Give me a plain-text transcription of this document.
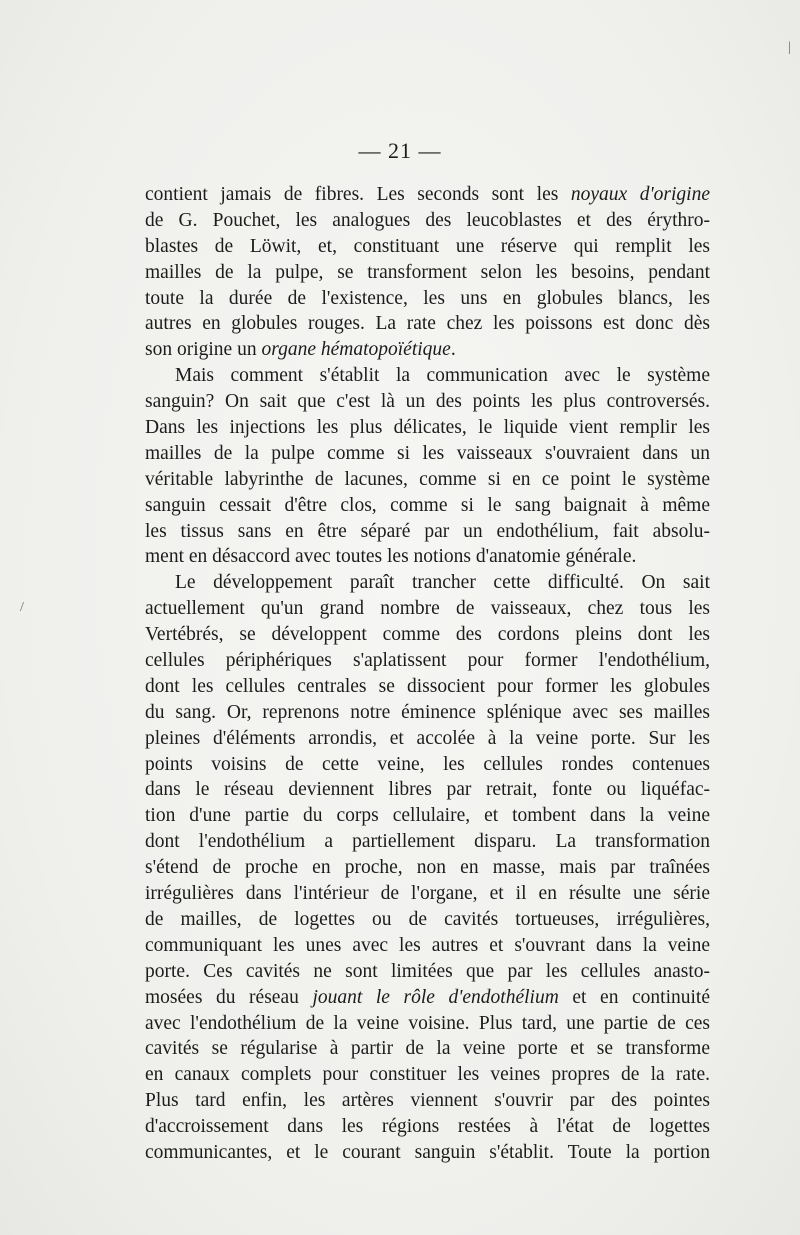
— 21 —
contient jamais de fibres. Les seconds sont les noyaux d'origine
de G. Pouchet, les analogues des leucoblastes et des érythro-
blastes de Löwit, et, constituant une réserve qui remplit les
mailles de la pulpe, se transforment selon les besoins, pendant
toute la durée de l'existence, les uns en globules blancs, les
autres en globules rouges. La rate chez les poissons est donc dès
son origine un organe hématopoïétique.
Mais comment s'établit la communication avec le système
sanguin? On sait que c'est là un des points les plus controversés.
Dans les injections les plus délicates, le liquide vient remplir les
mailles de la pulpe comme si les vaisseaux s'ouvraient dans un
véritable labyrinthe de lacunes, comme si en ce point le système
sanguin cessait d'être clos, comme si le sang baignait à même
les tissus sans en être séparé par un endothélium, fait absolu-
ment en désaccord avec toutes les notions d'anatomie générale.
Le développement paraît trancher cette difficulté. On sait
actuellement qu'un grand nombre de vaisseaux, chez tous les
Vertébrés, se développent comme des cordons pleins dont les
cellules périphériques s'aplatissent pour former l'endothélium,
dont les cellules centrales se dissocient pour former les globules
du sang. Or, reprenons notre éminence splénique avec ses mailles
pleines d'éléments arrondis, et accolée à la veine porte. Sur les
points voisins de cette veine, les cellules rondes contenues
dans le réseau deviennent libres par retrait, fonte ou liquéfac-
tion d'une partie du corps cellulaire, et tombent dans la veine
dont l'endothélium a partiellement disparu. La transformation
s'étend de proche en proche, non en masse, mais par traînées
irrégulières dans l'intérieur de l'organe, et il en résulte une série
de mailles, de logettes ou de cavités tortueuses, irrégulières,
communiquant les unes avec les autres et s'ouvrant dans la veine
porte. Ces cavités ne sont limitées que par les cellules anasto-
mosées du réseau jouant le rôle d'endothélium et en continuité
avec l'endothélium de la veine voisine. Plus tard, une partie de ces
cavités se régularise à partir de la veine porte et se transforme
en canaux complets pour constituer les veines propres de la rate.
Plus tard enfin, les artères viennent s'ouvrir par des pointes
d'accroissement dans les régions restées à l'état de logettes
communicantes, et le courant sanguin s'établit. Toute la portion
|
/
